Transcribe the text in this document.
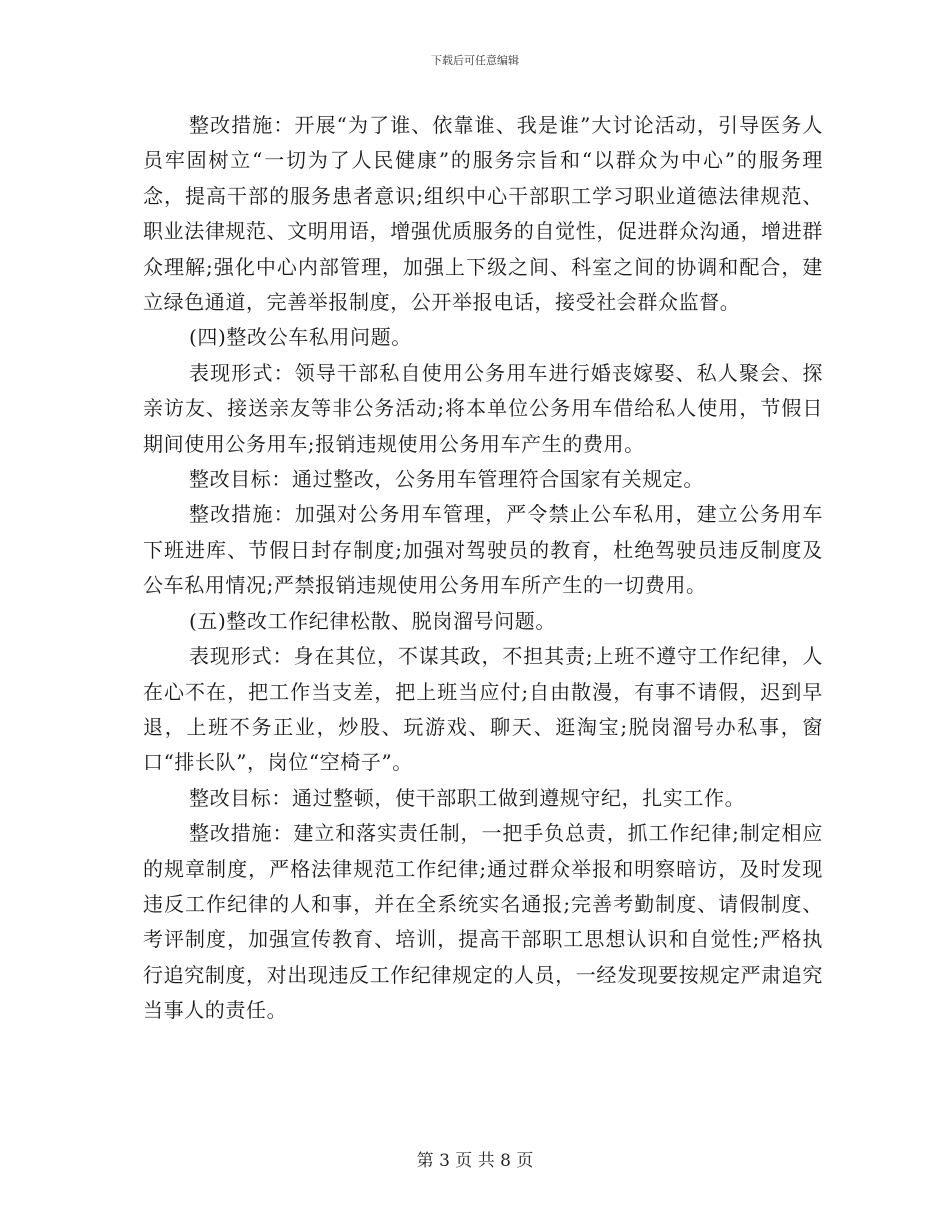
下载后可任意编辑

整改措施：开展“为了谁、依靠谁、我是谁”大讨论活动，引导医务人员牢固树立“一切为了人民健康”的服务宗旨和“以群众为中心”的服务理念，提高干部的服务患者意识;组织中心干部职工学习职业道德法律规范、职业法律规范、文明用语，增强优质服务的自觉性，促进群众沟通，增进群众理解;强化中心内部管理，加强上下级之间、科室之间的协调和配合，建立绿色通道，完善举报制度，公开举报电话，接受社会群众监督。

(四)整改公车私用问题。

表现形式：领导干部私自使用公务用车进行婚丧嫁娶、私人聚会、探亲访友、接送亲友等非公务活动;将本单位公务用车借给私人使用，节假日期间使用公务用车;报销违规使用公务用车产生的费用。

整改目标：通过整改，公务用车管理符合国家有关规定。

整改措施：加强对公务用车管理，严令禁止公车私用，建立公务用车下班进库、节假日封存制度;加强对驾驶员的教育，杜绝驾驶员违反制度及公车私用情况;严禁报销违规使用公务用车所产生的一切费用。

(五)整改工作纪律松散、脱岗溜号问题。

表现形式：身在其位，不谋其政，不担其责;上班不遵守工作纪律，人在心不在，把工作当支差，把上班当应付;自由散漫，有事不请假，迟到早退，上班不务正业，炒股、玩游戏、聊天、逛淘宝;脱岗溜号办私事，窗口“排长队”，岗位“空椅子”。

整改目标：通过整顿，使干部职工做到遵规守纪，扎实工作。

整改措施：建立和落实责任制，一把手负总责，抓工作纪律;制定相应的规章制度，严格法律规范工作纪律;通过群众举报和明察暗访，及时发现违反工作纪律的人和事，并在全系统实名通报;完善考勤制度、请假制度、考评制度，加强宣传教育、培训，提高干部职工思想认识和自觉性;严格执行追究制度，对出现违反工作纪律规定的人员，一经发现要按规定严肃追究当事人的责任。

第 3 页 共 8 页
